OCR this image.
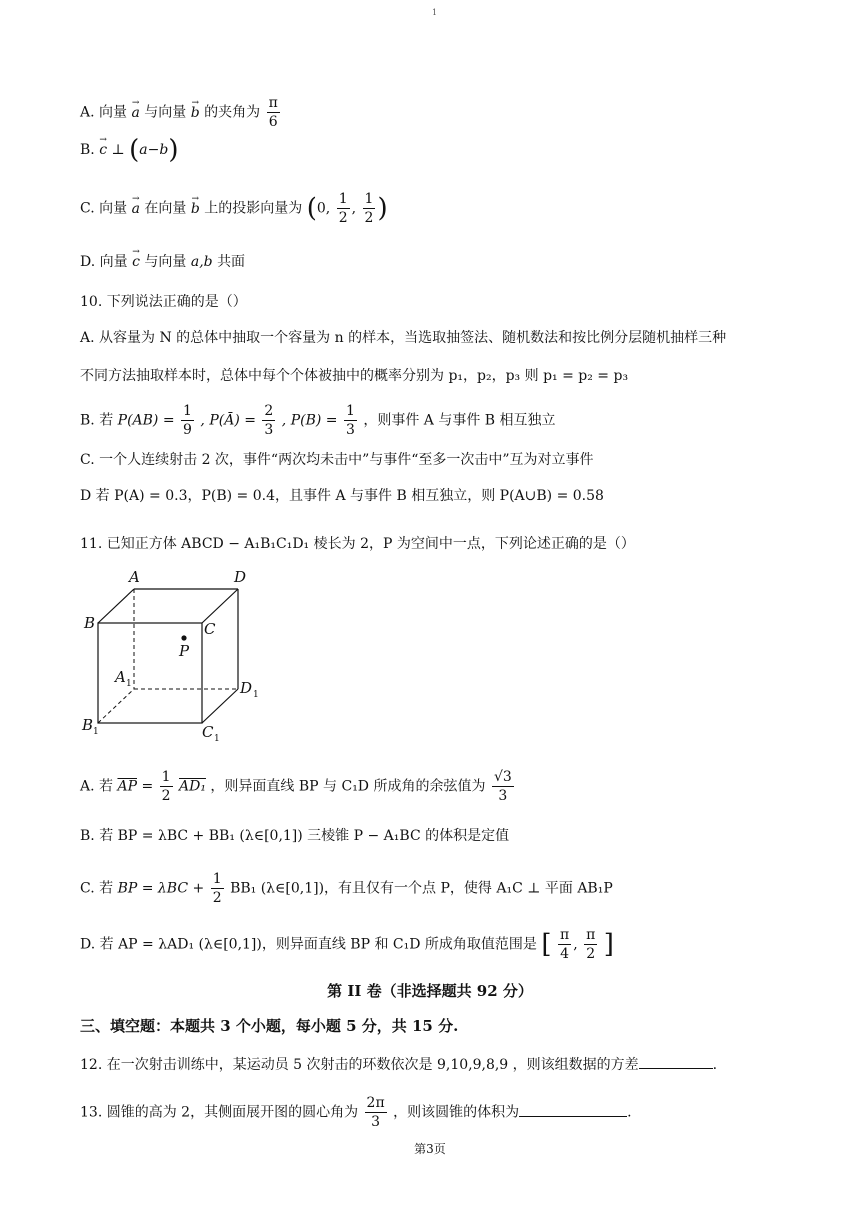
1
A. 向量 → a 与向量 → b 的夹角为 $\frac{\pi}{6}$
B. → c ⊥ (a−b)
C. 向量 → a 在向量 → b 上的投影向量为 (0, $\frac{1}{2}$ , $\frac{1}{2}$ )
D. 向量 → c 与向量 a,b 共面
10. 下列说法正确的是（）
A. 从容量为 N 的总体中抽取一个容量为 n 的样本，当选取抽签法、随机数法和按比例分层随机抽样三种
不同方法抽取样本时，总体中每个个体被抽中的概率分别为 p₁，p₂，p₃ 则 p₁ = p₂ = p₃
B. 若 $P(AB) = \frac{1}{9}$ , P(Ā) = $\frac{2}{3}$ , $P(B) = \frac{1}{3}$ ，则事件 A 与事件 B 相互独立
C. 一个人连续射击 2 次，事件“两次均未击中”与事件“至多一次击中”互为对立事件
D 若 P(A) = 0.3，P(B) = 0.4，且事件 A 与事件 B 相互独立，则 P(A∪B) = 0.58
11. 已知正方体 ABCD − A₁B₁C₁D₁ 棱长为 2，P 为空间中一点，下列论述正确的是（）
A	D
B	C
P
A
D
B	C
1
1
1
1
A. 若 $\overline{AP} = \frac{1}{2} AD_1$ ，则异面直线 BP 与 C₁D 所成角的余弦值为 $\frac{√3}{3}$
B. 若 BP = λBC + BB₁ (λ∈[0,1]) 三棱锥 P − A₁BC 的体积是定值
C. 若 BP = $\lambda BC + \frac{1}{2} BB_1$ (λ∈[0,1])，有且仅有一个点 P，使得 A₁C ⊥ 平面 AB₁P
D. 若 AP = λAD₁ (λ∈[0,1])，则异面直线 BP 和 C₁D 所成角取值范围是 [ $\frac{\pi}{4}$ , $\frac{\pi}{2}$ ]
第 II 卷（非选择题共 92 分）
三、填空题：本题共 3 个小题，每小题 5 分，共 15 分.
12. 在一次射击训练中，某运动员 5 次射击的环数依次是 9,10,9,8,9 ，则该组数据的方差	.
13. 圆锥的高为 2，其侧面展开图的圆心角为 $\frac{2\pi}{3}$ ，则该圆锥的体积为	.
第3页
